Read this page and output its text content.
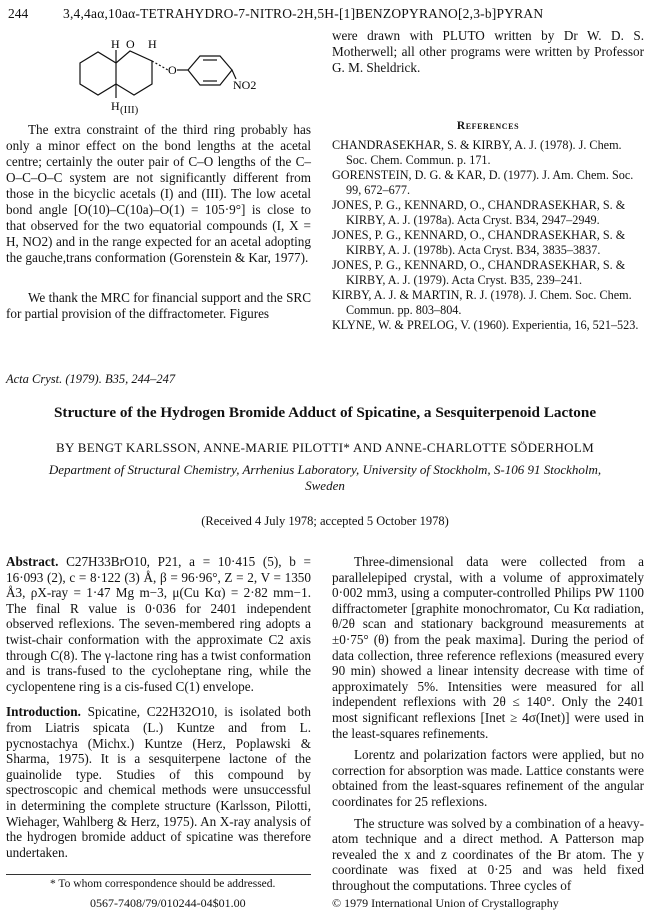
244	3,4,4aα,10aα-TETRAHYDRO-7-NITRO-2H,5H-[1]BENZOPYRANO[2,3-b]PYRAN
H O H
O
H
NO2
(III)
The extra constraint of the third ring probably has only a minor effect on the bond lengths at the acetal centre; certainly the outer pair of C–O lengths of the C–O–C–O–C system are not significantly different from those in the bicyclic acetals (I) and (III). The low acetal bond angle [O(10)–C(10a)–O(1) = 105·9°] is close to that observed for the two equatorial compounds (I, X = H, NO2) and in the range expected for an acetal adopting the gauche,trans conformation (Gorenstein & Kar, 1977).
We thank the MRC for financial support and the SRC for partial provision of the diffractometer. Figures
were drawn with PLUTO written by Dr W. D. S. Motherwell; all other programs were written by Professor G. M. Sheldrick.
References
CHANDRASEKHAR, S. & KIRBY, A. J. (1978). J. Chem. Soc. Chem. Commun. p. 171.
GORENSTEIN, D. G. & KAR, D. (1977). J. Am. Chem. Soc. 99, 672–677.
JONES, P. G., KENNARD, O., CHANDRASEKHAR, S. & KIRBY, A. J. (1978a). Acta Cryst. B34, 2947–2949.
JONES, P. G., KENNARD, O., CHANDRASEKHAR, S. & KIRBY, A. J. (1978b). Acta Cryst. B34, 3835–3837.
JONES, P. G., KENNARD, O., CHANDRASEKHAR, S. & KIRBY, A. J. (1979). Acta Cryst. B35, 239–241.
KIRBY, A. J. & MARTIN, R. J. (1978). J. Chem. Soc. Chem. Commun. pp. 803–804.
KLYNE, W. & PRELOG, V. (1960). Experientia, 16, 521–523.
Acta Cryst. (1979). B35, 244–247
Structure of the Hydrogen Bromide Adduct of Spicatine, a Sesquiterpenoid Lactone
BY BENGT KARLSSON, ANNE-MARIE PILOTTI* AND ANNE-CHARLOTTE SÖDERHOLM
Department of Structural Chemistry, Arrhenius Laboratory, University of Stockholm, S-106 91 Stockholm, Sweden
(Received 4 July 1978; accepted 5 October 1978)

Abstract. C27H33BrO10, P21, a = 10·415 (5), b = 16·093 (2), c = 8·122 (3) Å, β = 96·96°, Z = 2, V = 1350 Å3, ρX-ray = 1·47 Mg m−3, μ(Cu Kα) = 2·82 mm−1. The final R value is 0·036 for 2401 independent observed reflexions. The seven-membered ring adopts a twist-chair conformation with the approximate C2 axis through C(8). The γ-lactone ring has a twist conformation and is trans-fused to the cycloheptane ring, while the cyclopentene ring is a cis-fused C(1) envelope.

Introduction. Spicatine, C22H32O10, is isolated both from Liatris spicata (L.) Kuntze and from L. pycnostachya (Michx.) Kuntze (Herz, Poplawski & Sharma, 1975). It is a sesquiterpene lactone of the guainolide type. Studies of this compound by spectroscopic and chemical methods were unsuccessful in determining the complete structure (Karlsson, Pilotti, Wiehager, Wahlberg & Herz, 1975). An X-ray analysis of the hydrogen bromide adduct of spicatine was therefore undertaken.

Three-dimensional data were collected from a parallelepiped crystal, with a volume of approximately 0·002 mm3, using a computer-controlled Philips PW 1100 diffractometer [graphite monochromator, Cu Kα radiation, θ/2θ scan and stationary background measurements at ±0·75° (θ) from the peak maxima]. During the period of data collection, three reference reflexions (measured every 90 min) showed a linear intensity decrease with time of approximately 5%. Intensities were measured for all independent reflexions with 2θ ≤ 140°. Only the 2401 most significant reflexions [Inet ≥ 4σ(Inet)] were used in the least-squares refinements.

Lorentz and polarization factors were applied, but no correction for absorption was made. Lattice constants were obtained from the least-squares refinement of the angular coordinates for 25 reflexions.

The structure was solved by a combination of a heavy-atom technique and a direct method. A Patterson map revealed the x and z coordinates of the Br atom. The y coordinate was fixed at 0·25 and was held fixed throughout the computations. Three cycles of

* To whom correspondence should be addressed.
0567-7408/79/010244-04$01.00	© 1979 International Union of Crystallography
